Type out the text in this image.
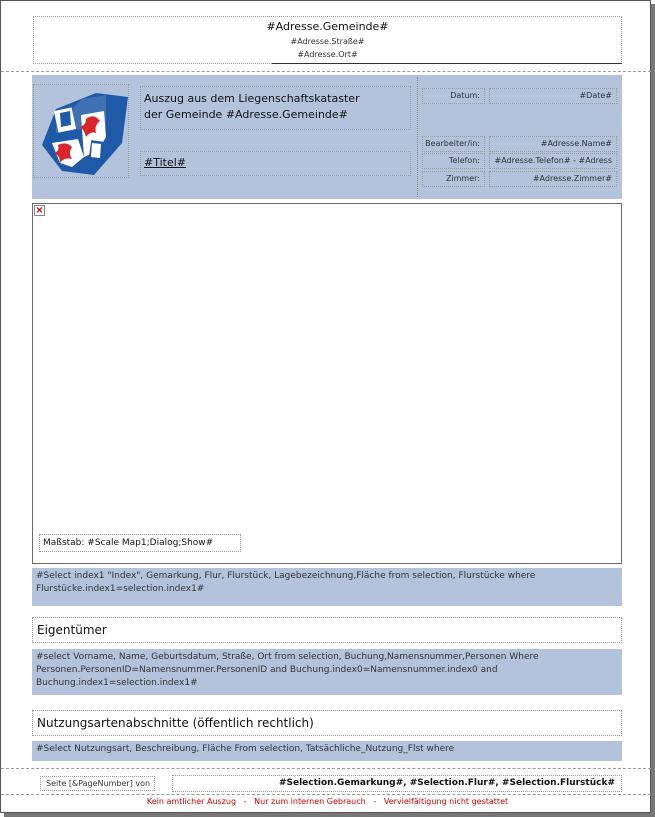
#Adresse.Gemeinde#
#Adresse.Straße#
#Adresse.Ort#
Auszug aus dem Liegenschaftskataster
der Gemeinde #Adresse.Gemeinde#
#Titel#
Datum:	#Date#
Bearbeiter/in:	#Adresse.Name#
Telefon:	#Adresse.Telefon# - #Adress
Zimmer:	#Adresse.Zimmer#
×
Maßstab: #Scale Map1;Dialog;Show#
#Select index1 "Index", Gemarkung, Flur, Flurstück, Lagebezeichnung,Fläche from selection, Flurstücke where Flurstücke.index1=selection.index1#
Eigentümer
#select Vorname, Name, Geburtsdatum, Straße, Ort from selection, Buchung,Namensnummer,Personen Where Personen.PersonenID=Namensnummer.PersonenID and Buchung.index0=Namensnummer.index0 and Buchung.index1=selection.index1#
Nutzungsartenabschnitte (öffentlich rechtlich)
#Select Nutzungsart, Beschreibung, Fläche From selection, Tatsächliche_Nutzung_Flst where
Seite [&PageNumber] von	#Selection.Gemarkung#, #Selection.Flur#, #Selection.Flurstück#
Kein amtlicher Auszug   -   Nur zum internen Gebrauch   -   Vervielfältigung nicht gestattet
